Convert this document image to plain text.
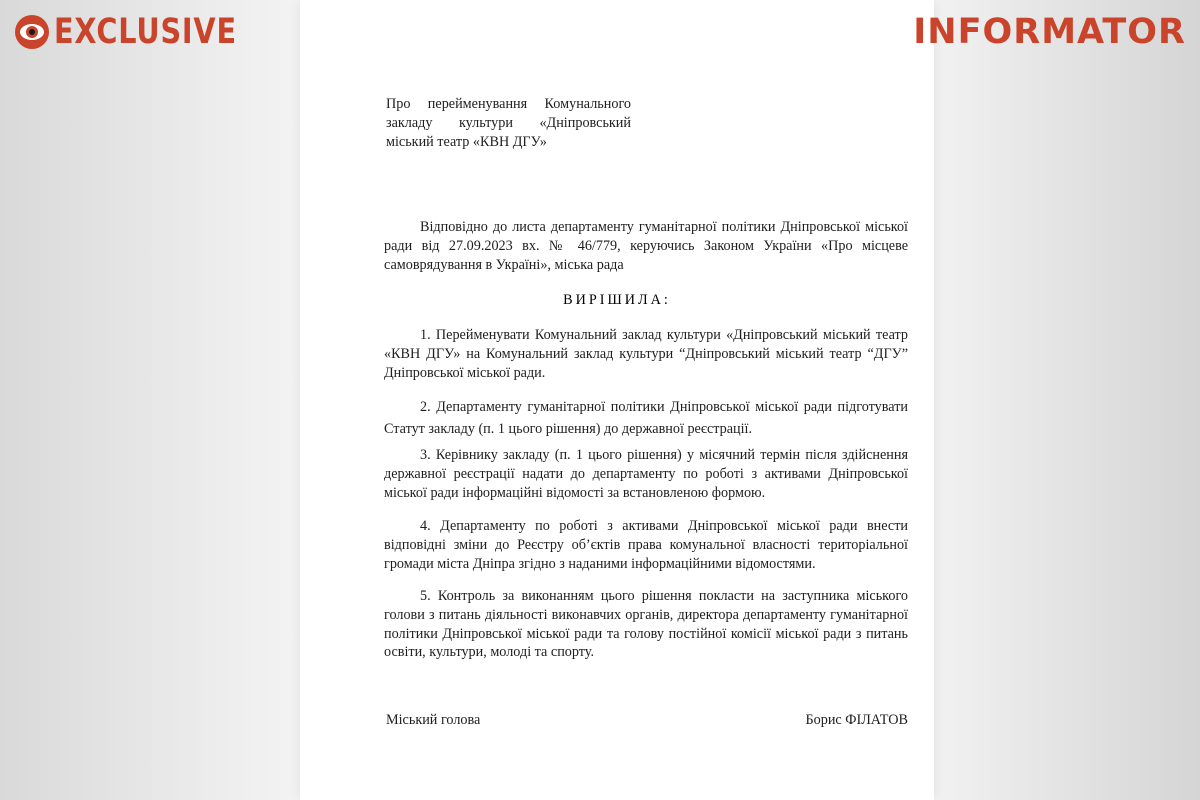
EXCLUSIVE	INFORMATOR
Про перейменування Комунального закладу культури «Дніпровський міський театр «КВН ДГУ»
Відповідно до листа департаменту гуманітарної політики Дніпровської міської ради від 27.09.2023 вх. № 46/779, керуючись Законом України «Про місцеве самоврядування в Україні», міська рада
ВИРІШИЛА:
1. Перейменувати Комунальний заклад культури «Дніпровський міський театр «КВН ДГУ» на Комунальний заклад культури “Дніпровський міський театр “ДГУ” Дніпровської міської ради.
2. Департаменту гуманітарної політики Дніпровської міської ради підготувати Статут закладу (п. 1 цього рішення) до державної реєстрації.
3. Керівнику закладу (п. 1 цього рішення) у місячний термін після здійснення державної реєстрації надати до департаменту по роботі з активами Дніпровської міської ради інформаційні відомості за встановленою формою.
4. Департаменту по роботі з активами Дніпровської міської ради внести відповідні зміни до Реєстру об’єктів права комунальної власності територіальної громади міста Дніпра згідно з наданими інформаційними відомостями.
5. Контроль за виконанням цього рішення покласти на заступника міського голови з питань діяльності виконавчих органів, директора департаменту гуманітарної політики Дніпровської міської ради та голову постійної комісії міської ради з питань освіти, культури, молоді та спорту.
Міський голова	Борис ФІЛАТОВ
